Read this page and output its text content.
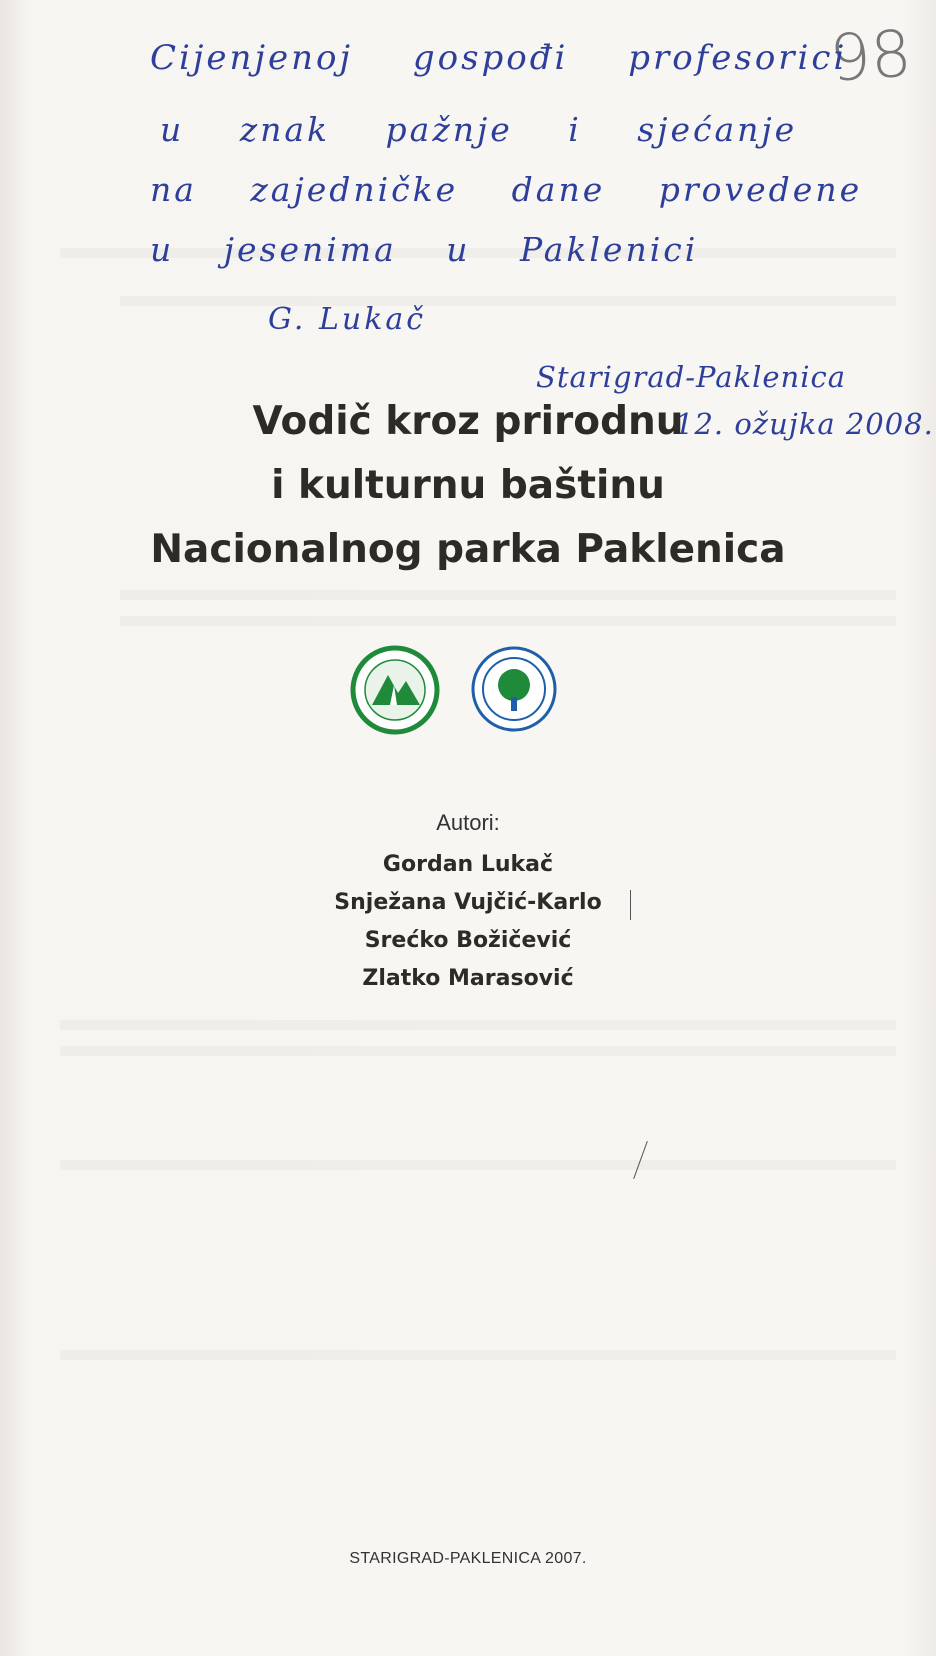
98
Cijenjenoj gospođi profesorici
u znak pažnje i sjećanje
na zajedničke dane provedene
u jesenima u Paklenici
G. Lukač
Starigrad-Paklenica
12. ožujka 2008.
Vodič kroz prirodnu
i kulturnu baštinu
Nacionalnog parka Paklenica
Autori:
Gordan Lukač
Snježana Vujčić-Karlo
Srećko Božičević
Zlatko Marasović
STARIGRAD-PAKLENICA 2007.
